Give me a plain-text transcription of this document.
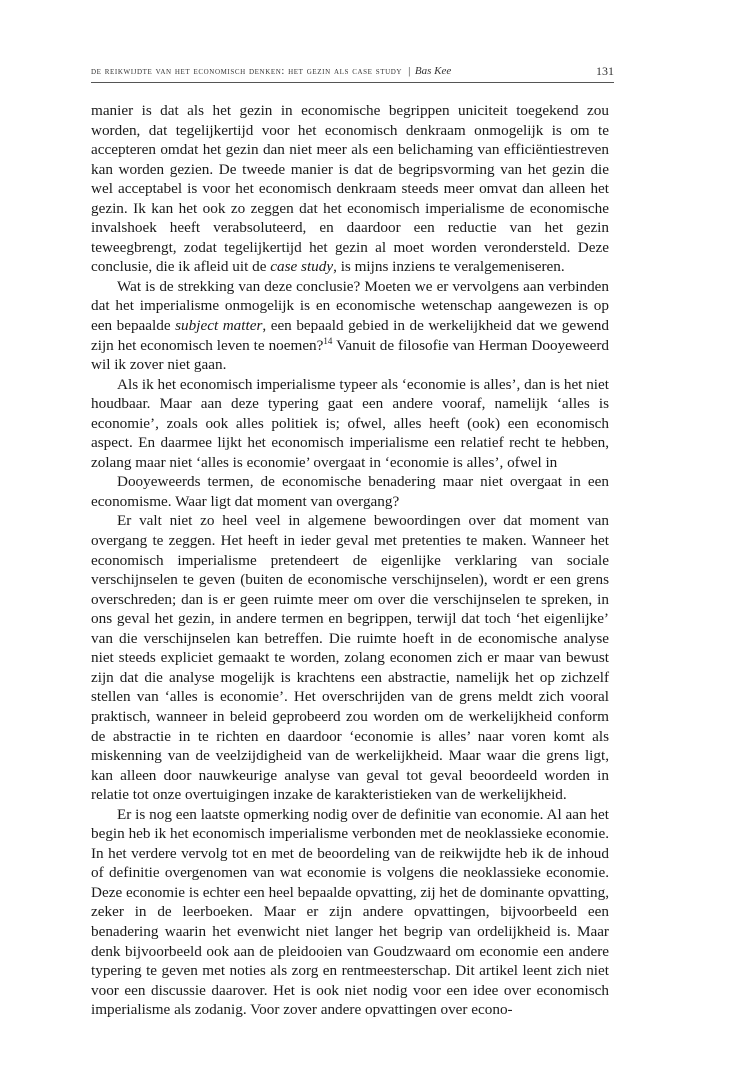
de reikwijdte van het economisch denken: het gezin als case study | Bas Kee	131

manier is dat als het gezin in economische begrippen uniciteit toegekend zou worden, dat tegelijkertijd voor het economisch denkraam onmogelijk is om te accepteren omdat het gezin dan niet meer als een belichaming van efficiëntiestreven kan worden gezien. De tweede manier is dat de begripsvorming van het gezin die wel acceptabel is voor het economisch denkraam steeds meer omvat dan alleen het gezin. Ik kan het ook zo zeggen dat het economisch imperialisme de economische invalshoek heeft verabsoluteerd, en daardoor een reductie van het gezin teweegbrengt, zodat tegelijkertijd het gezin al moet worden verondersteld. Deze conclusie, die ik afleid uit de case study, is mijns inziens te veralgemeniseren.

Wat is de strekking van deze conclusie? Moeten we er vervolgens aan verbinden dat het imperialisme onmogelijk is en economische wetenschap aangewezen is op een bepaalde subject matter, een bepaald gebied in de werkelijkheid dat we gewend zijn het economisch leven te noemen?$^{14}$ Vanuit de filosofie van Herman Dooyeweerd wil ik zover niet gaan.

Als ik het economisch imperialisme typeer als ‘economie is alles’, dan is het niet houdbaar. Maar aan deze typering gaat een andere vooraf, namelijk ‘alles is economie’, zoals ook alles politiek is; ofwel, alles heeft (ook) een economisch aspect. En daarmee lijkt het economisch imperialisme een relatief recht te hebben, zolang maar niet ‘alles is economie’ overgaat in ‘economie is alles’, ofwel in

Dooyeweerds termen, de economische benadering maar niet overgaat in een economisme. Waar ligt dat moment van overgang?

Er valt niet zo heel veel in algemene bewoordingen over dat moment van overgang te zeggen. Het heeft in ieder geval met pretenties te maken. Wanneer het economisch imperialisme pretendeert de eigenlijke verklaring van sociale verschijnselen te geven (buiten de economische verschijnselen), wordt er een grens overschreden; dan is er geen ruimte meer om over die verschijnselen te spreken, in ons geval het gezin, in andere termen en begrippen, terwijl dat toch ‘het eigenlijke’ van die verschijnselen kan betreffen. Die ruimte hoeft in de economische analyse niet steeds expliciet gemaakt te worden, zolang economen zich er maar van bewust zijn dat die analyse mogelijk is krachtens een abstractie, namelijk het op zichzelf stellen van ‘alles is economie’. Het overschrijden van de grens meldt zich vooral praktisch, wanneer in beleid geprobeerd zou worden om de werkelijkheid conform de abstractie in te richten en daardoor ‘economie is alles’ naar voren komt als miskenning van de veelzijdigheid van de werkelijkheid. Maar waar die grens ligt, kan alleen door nauwkeurige analyse van geval tot geval beoordeeld worden in relatie tot onze overtuigingen inzake de karakteristieken van de werkelijkheid.

Er is nog een laatste opmerking nodig over de definitie van economie. Al aan het begin heb ik het economisch imperialisme verbonden met de neoklassieke economie. In het verdere vervolg tot en met de beoordeling van de reikwijdte heb ik de inhoud of definitie overgenomen van wat economie is volgens die neoklassieke economie. Deze economie is echter een heel bepaalde opvatting, zij het de dominante opvatting, zeker in de leerboeken. Maar er zijn andere opvattingen, bijvoorbeeld een benadering waarin het evenwicht niet langer het begrip van ordelijkheid is. Maar denk bijvoorbeeld ook aan de pleidooien van Goudzwaard om economie een andere typering te geven met noties als zorg en rentmeesterschap. Dit artikel leent zich niet voor een discussie daarover. Het is ook niet nodig voor een idee over economisch imperialisme als zodanig. Voor zover andere opvattingen over econo-
